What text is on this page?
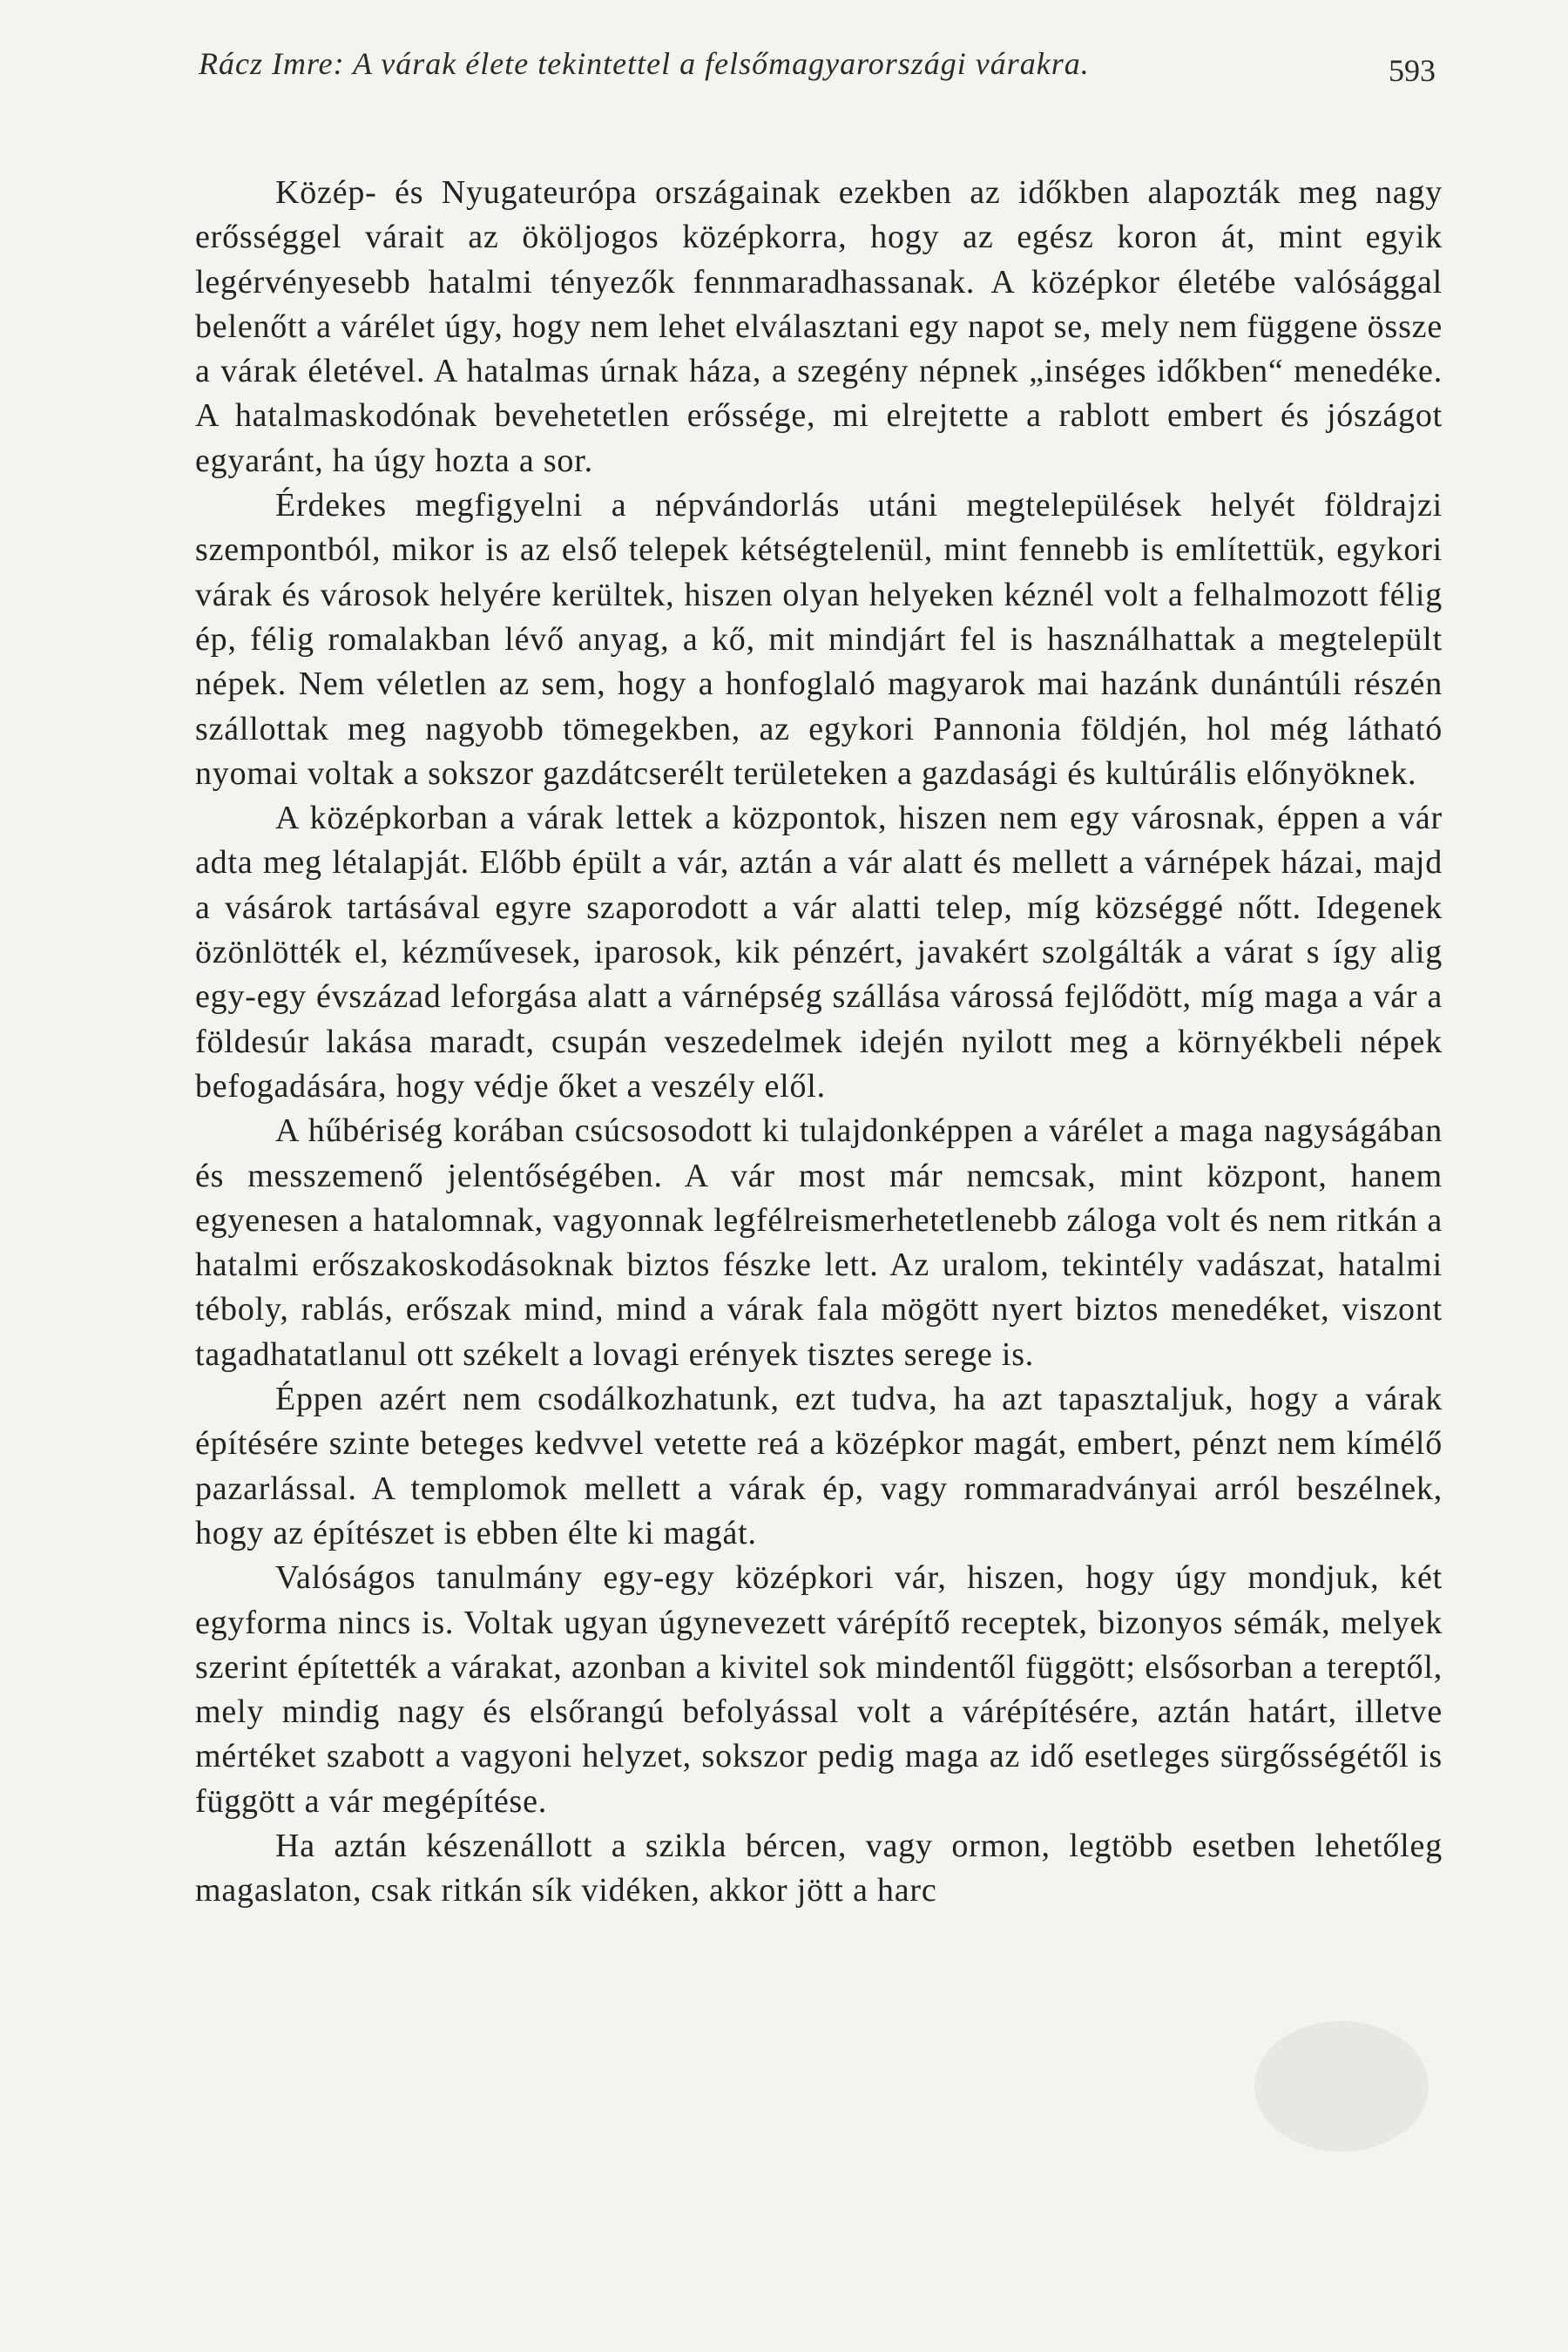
Rácz Imre: A várak élete tekintettel a felsőmagyarországi várakra.	593

Közép- és Nyugateurópa országainak ezekben az időkben alapozták meg nagy erősséggel várait az ököljogos középkorra, hogy az egész koron át, mint egyik legérvényesebb hatalmi tényezők fennmaradhassanak. A középkor életébe valósággal belenőtt a várélet úgy, hogy nem lehet elválasztani egy napot se, mely nem függene össze a várak életével. A hatalmas úrnak háza, a szegény népnek „inséges időkben“ menedéke. A hatalmaskodónak bevehetetlen erőssége, mi elrejtette a rablott embert és jószágot egyaránt, ha úgy hozta a sor.

Érdekes megfigyelni a népvándorlás utáni megtelepülések helyét földrajzi szempontból, mikor is az első telepek kétségtelenül, mint fennebb is említettük, egykori várak és városok helyére kerültek, hiszen olyan helyeken kéznél volt a felhalmozott félig ép, félig romalakban lévő anyag, a kő, mit mindjárt fel is használhattak a megtelepült népek. Nem véletlen az sem, hogy a honfoglaló magyarok mai hazánk dunántúli részén szállottak meg nagyobb tömegekben, az egykori Pannonia földjén, hol még látható nyomai voltak a sokszor gazdátcserélt területeken a gazdasági és kultúrális előnyöknek.

A középkorban a várak lettek a központok, hiszen nem egy városnak, éppen a vár adta meg létalapját. Előbb épült a vár, aztán a vár alatt és mellett a várnépek házai, majd a vásárok tartásával egyre szaporodott a vár alatti telep, míg községgé nőtt. Idegenek özönlötték el, kézművesek, iparosok, kik pénzért, javakért szolgálták a várat s így alig egy-egy évszázad leforgása alatt a várnépség szállása várossá fejlődött, míg maga a vár a földesúr lakása maradt, csupán veszedelmek idején nyilott meg a környékbeli népek befogadására, hogy védje őket a veszély elől.

A hűbériség korában csúcsosodott ki tulajdonképpen a várélet a maga nagyságában és messzemenő jelentőségében. A vár most már nemcsak, mint központ, hanem egyenesen a hatalomnak, vagyonnak legfélreismerhetetlenebb záloga volt és nem ritkán a hatalmi erőszakoskodásoknak biztos fészke lett. Az uralom, tekintély vadászat, hatalmi téboly, rablás, erőszak mind, mind a várak fala mögött nyert biztos menedéket, viszont tagadhatatlanul ott székelt a lovagi erények tisztes serege is.

Éppen azért nem csodálkozhatunk, ezt tudva, ha azt tapasztaljuk, hogy a várak építésére szinte beteges kedvvel vetette reá a középkor magát, embert, pénzt nem kímélő pazarlással. A templomok mellett a várak ép, vagy rommaradványai arról beszélnek, hogy az építészet is ebben élte ki magát.

Valóságos tanulmány egy-egy középkori vár, hiszen, hogy úgy mondjuk, két egyforma nincs is. Voltak ugyan úgynevezett várépítő receptek, bizonyos sémák, melyek szerint építették a várakat, azonban a kivitel sok mindentől függött; elsősorban a tereptől, mely mindig nagy és elsőrangú befolyással volt a várépítésére, aztán határt, illetve mértéket szabott a vagyoni helyzet, sokszor pedig maga az idő esetleges sürgősségétől is függött a vár megépítése.

Ha aztán készenállott a szikla bércen, vagy ormon, legtöbb esetben lehetőleg magaslaton, csak ritkán sík vidéken, akkor jött a harc
